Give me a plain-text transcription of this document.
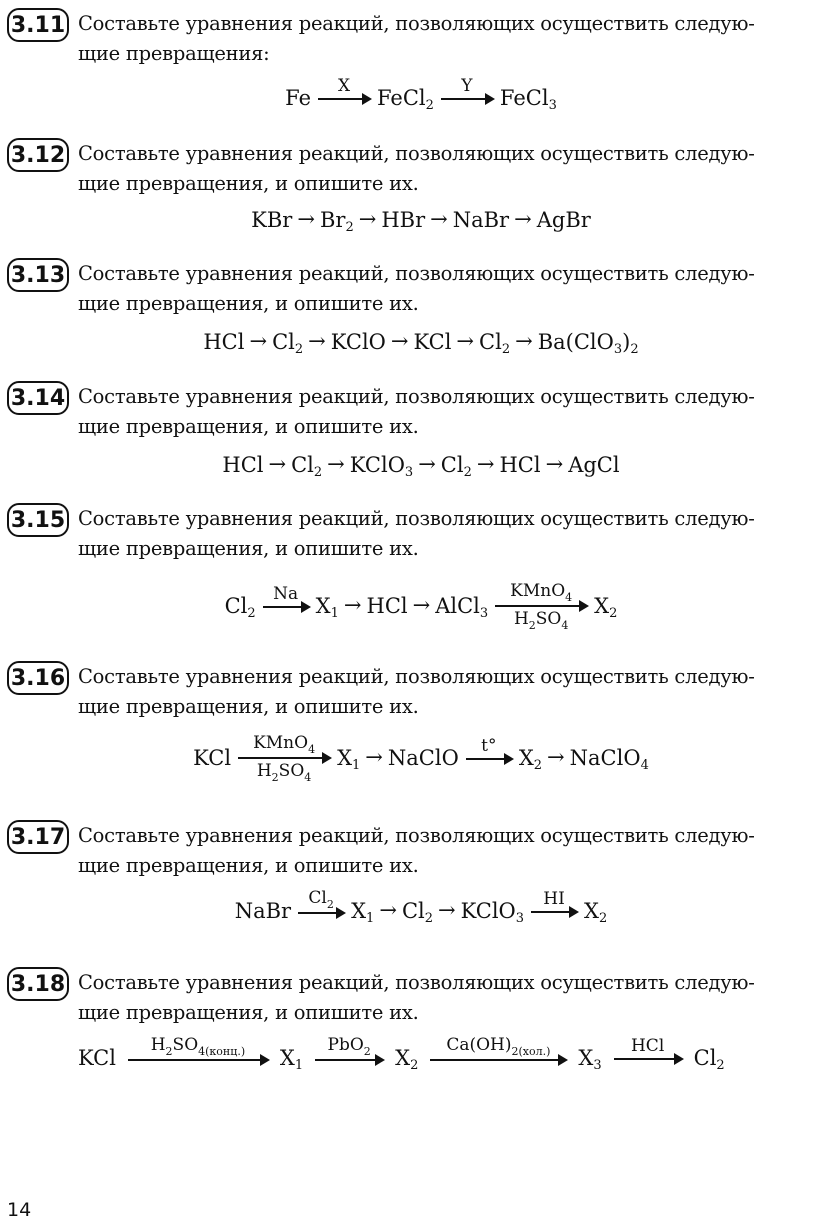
3.11 Составьте уравнения реакций, позволяющих осуществить следую-
щие превращения:
Fe X FeCl 2
Y FeCl 3
3.12 Составьте уравнения реакций, позволяющих осуществить следую-
щие превращения, и опишите их.
KBr → Br 2 → HBr → NaBr → AgBr
3.13 Составьте уравнения реакций, позволяющих осуществить следую-
щие превращения, и опишите их.
HCl → Cl 2 → KClO → KCl → Cl 2 → Ba(ClO 3 ) 2
3.14 Составьте уравнения реакций, позволяющих осуществить следую-
щие превращения, и опишите их.
HCl → Cl 2 → KClO 3 → Cl 2 → HCl → AgCl
3.15 Составьте уравнения реакций, позволяющих осуществить следую-
щие превращения, и опишите их.
Cl 2
Na X 1 → HCl → AlCl 3
KMnO$_4$
$H_2SO_4$
X 2
3.16 Составьте уравнения реакций, позволяющих осуществить следую-
щие превращения, и опишите их.
KCl
KMnO$_4$
$H_2SO_4$
X 1 → NaClO t° X 2 → NaClO 4
3.17 Составьте уравнения реакций, позволяющих осуществить следую-
щие превращения, и опишите их.
NaBr
$Cl_2$ X 1 → Cl 2 → KClO 3
HI X 2
3.18 Составьте уравнения реакций, позволяющих осуществить следую-
щие превращения, и опишите их.
KCl
$H_2SO_{4(конц.)}$ X 1
PbO$_2$ X 2
$Ca(OH)_{2(хол.)}$ X 3
HCl Cl 2
14
